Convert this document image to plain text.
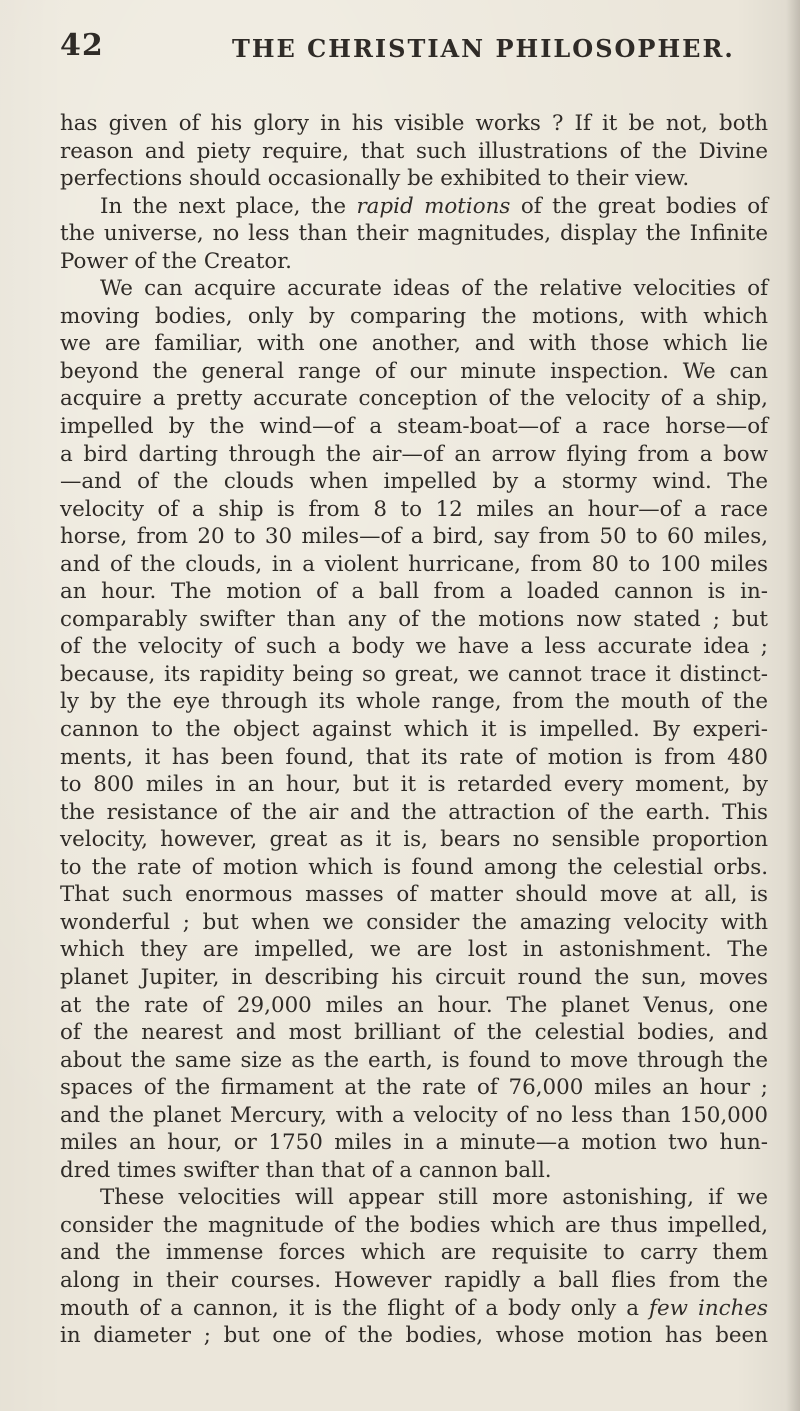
42	THE CHRISTIAN PHILOSOPHER.
has given of his glory in his visible works ? If it be not, both
reason and piety require, that such illustrations of the Divine
perfections should occasionally be exhibited to their view.
In the next place, the rapid motions of the great bodies of
the universe, no less than their magnitudes, display the Infinite
Power of the Creator.
We can acquire accurate ideas of the relative velocities of
moving bodies, only by comparing the motions, with which
we are familiar, with one another, and with those which lie
beyond the general range of our minute inspection. We can
acquire a pretty accurate conception of the velocity of a ship,
impelled by the wind—of a steam-boat—of a race horse—of
a bird darting through the air—of an arrow flying from a bow
—and of the clouds when impelled by a stormy wind. The
velocity of a ship is from 8 to 12 miles an hour—of a race
horse, from 20 to 30 miles—of a bird, say from 50 to 60 miles,
and of the clouds, in a violent hurricane, from 80 to 100 miles
an hour. The motion of a ball from a loaded cannon is in-
comparably swifter than any of the motions now stated ; but
of the velocity of such a body we have a less accurate idea ;
because, its rapidity being so great, we cannot trace it distinct-
ly by the eye through its whole range, from the mouth of the
cannon to the object against which it is impelled. By experi-
ments, it has been found, that its rate of motion is from 480
to 800 miles in an hour, but it is retarded every moment, by
the resistance of the air and the attraction of the earth. This
velocity, however, great as it is, bears no sensible proportion
to the rate of motion which is found among the celestial orbs.
That such enormous masses of matter should move at all, is
wonderful ; but when we consider the amazing velocity with
which they are impelled, we are lost in astonishment. The
planet Jupiter, in describing his circuit round the sun, moves
at the rate of 29,000 miles an hour. The planet Venus, one
of the nearest and most brilliant of the celestial bodies, and
about the same size as the earth, is found to move through the
spaces of the firmament at the rate of 76,000 miles an hour ;
and the planet Mercury, with a velocity of no less than 150,000
miles an hour, or 1750 miles in a minute—a motion two hun-
dred times swifter than that of a cannon ball.
These velocities will appear still more astonishing, if we
consider the magnitude of the bodies which are thus impelled,
and the immense forces which are requisite to carry them
along in their courses. However rapidly a ball flies from the
mouth of a cannon, it is the flight of a body only a few inches
in diameter ; but one of the bodies, whose motion has been
